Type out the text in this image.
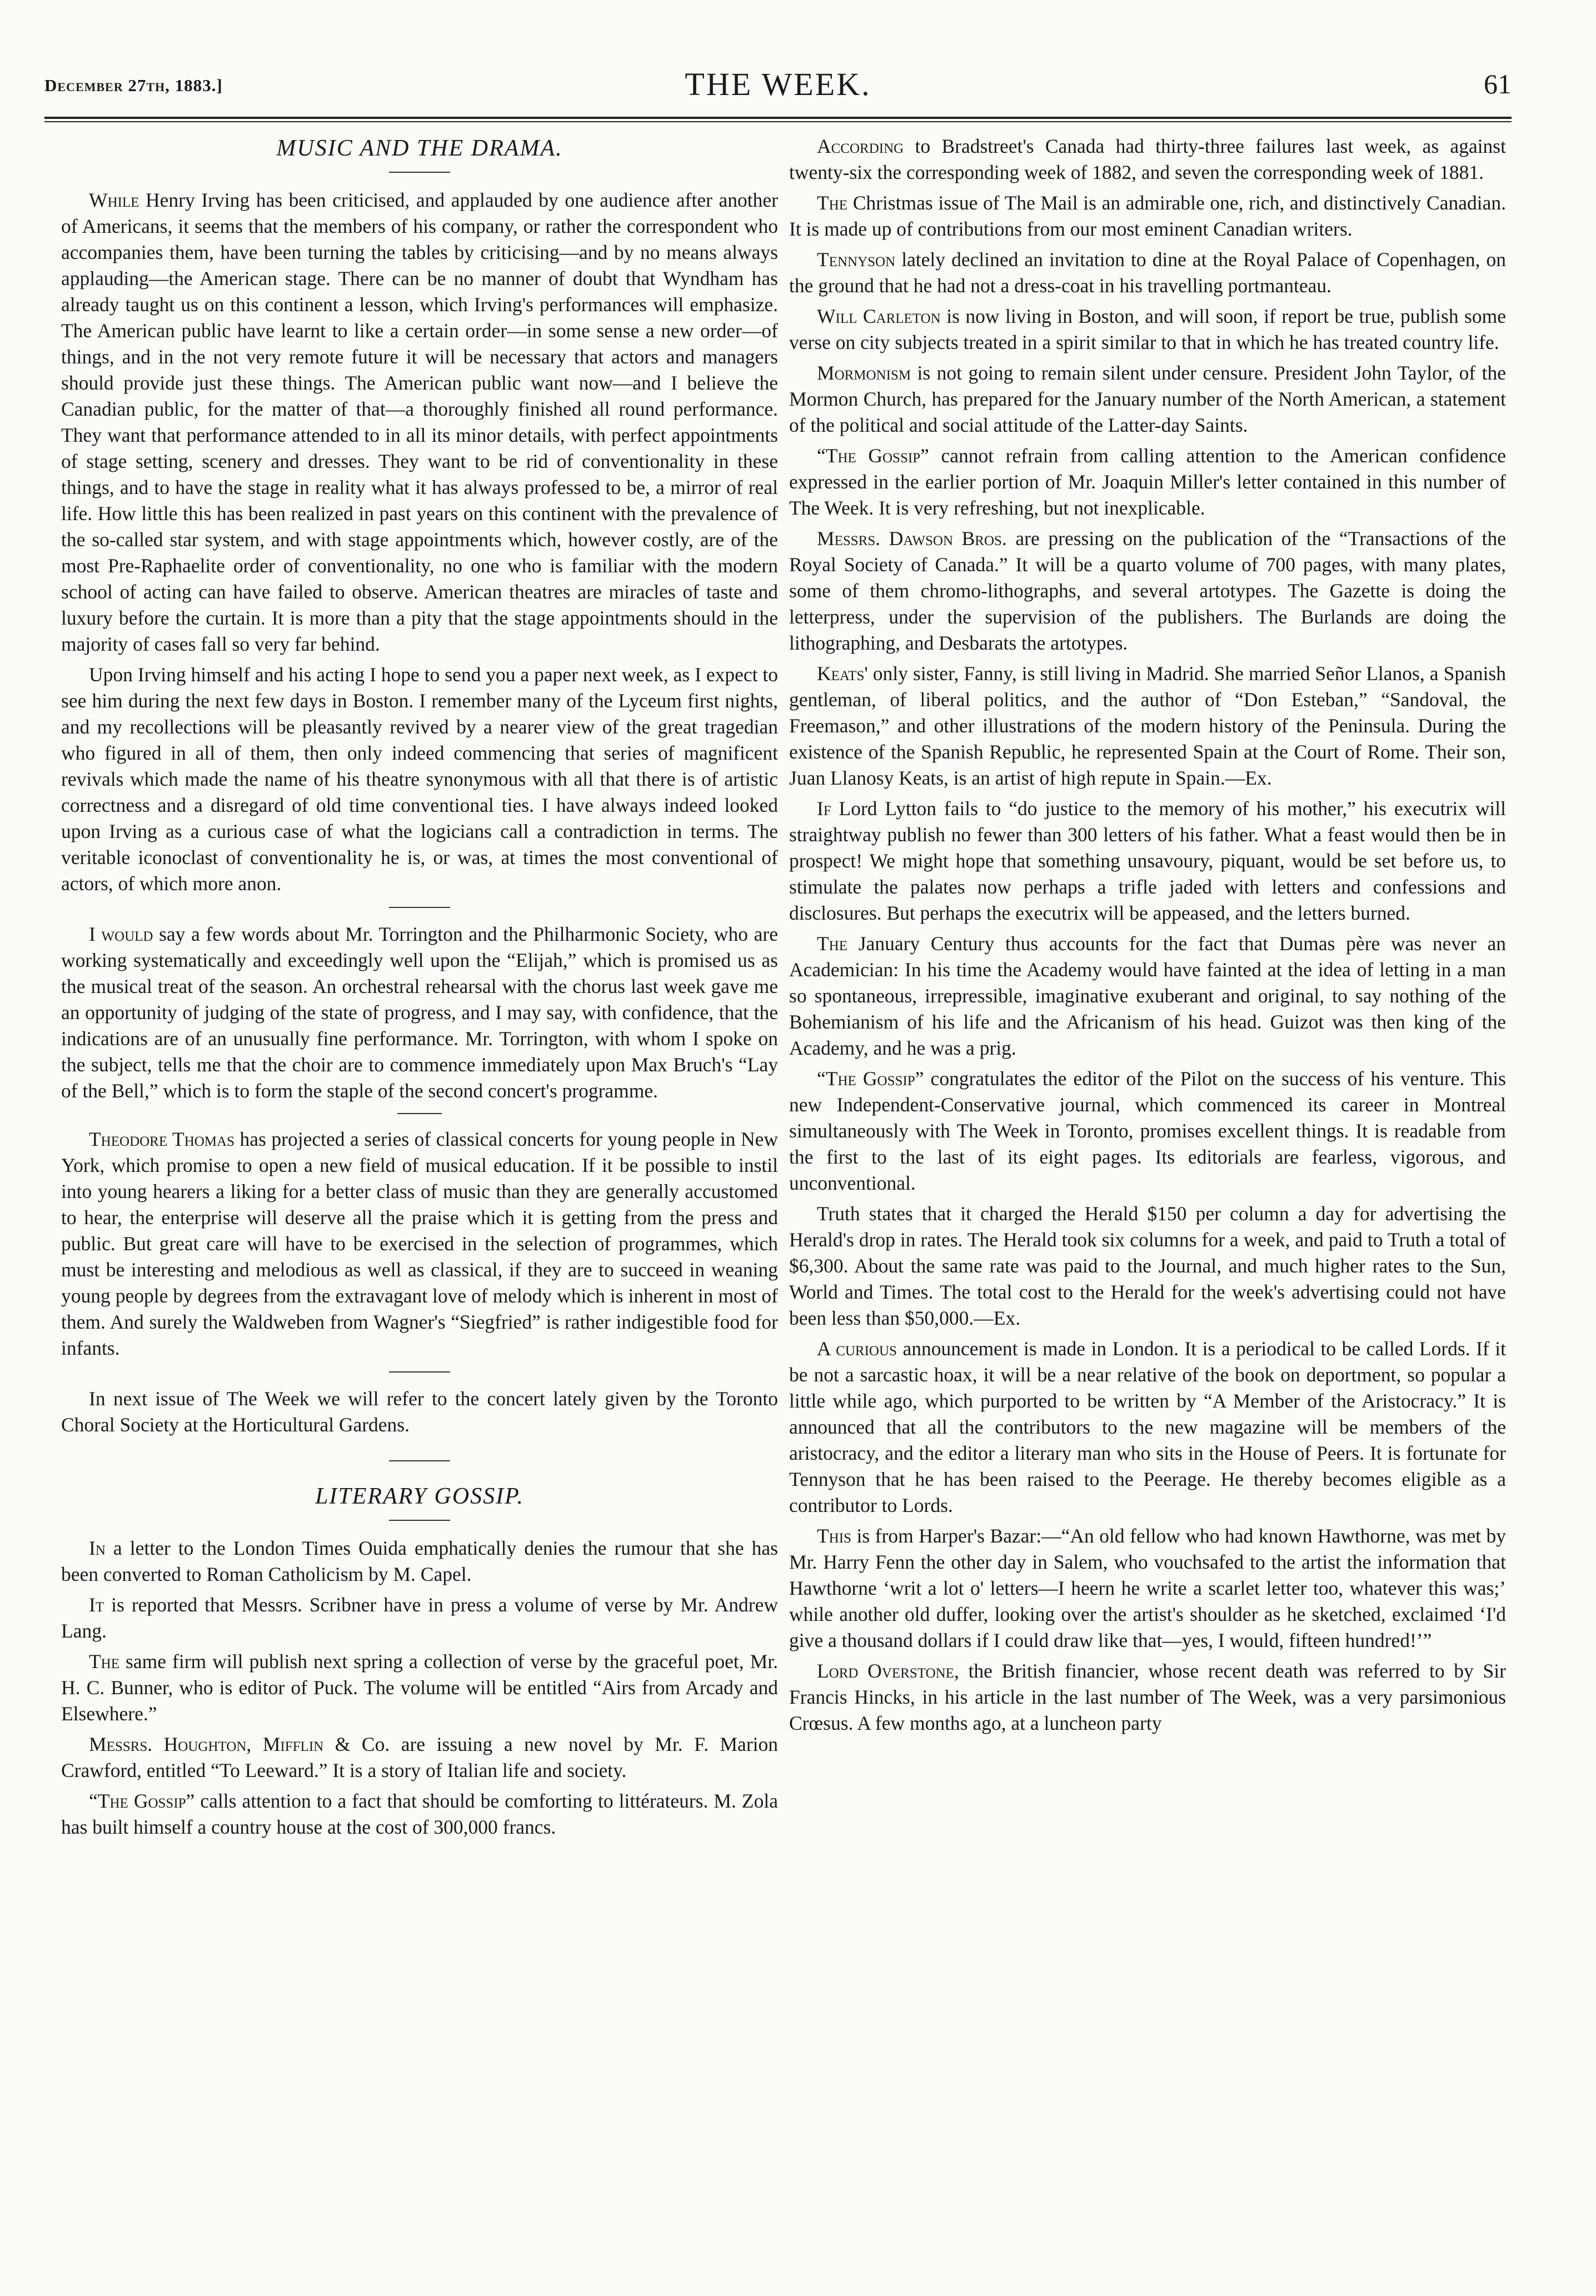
December 27th, 1883.]	THE WEEK.	61
MUSIC AND THE DRAMA.

While Henry Irving has been criticised, and applauded by one audience after another of Americans, it seems that the members of his company, or rather the correspondent who accompanies them, have been turning the tables by criticising—and by no means always applauding—the American stage. There can be no manner of doubt that Wyndham has already taught us on this continent a lesson, which Irving's performances will emphasize. The American public have learnt to like a certain order—in some sense a new order—of things, and in the not very remote future it will be necessary that actors and managers should provide just these things. The American public want now—and I believe the Canadian public, for the matter of that—a thoroughly finished all round performance. They want that performance attended to in all its minor details, with perfect appointments of stage setting, scenery and dresses. They want to be rid of conventionality in these things, and to have the stage in reality what it has always professed to be, a mirror of real life. How little this has been realized in past years on this continent with the prevalence of the so-called star system, and with stage appointments which, however costly, are of the most Pre-Raphaelite order of conventionality, no one who is familiar with the modern school of acting can have failed to observe. American theatres are miracles of taste and luxury before the curtain. It is more than a pity that the stage appointments should in the majority of cases fall so very far behind.

Upon Irving himself and his acting I hope to send you a paper next week, as I expect to see him during the next few days in Boston. I remember many of the Lyceum first nights, and my recollections will be pleasantly revived by a nearer view of the great tragedian who figured in all of them, then only indeed commencing that series of magnificent revivals which made the name of his theatre synonymous with all that there is of artistic correctness and a disregard of old time conventional ties. I have always indeed looked upon Irving as a curious case of what the logicians call a contradiction in terms. The veritable iconoclast of conventionality he is, or was, at times the most conventional of actors, of which more anon.

I would say a few words about Mr. Torrington and the Philharmonic Society, who are working systematically and exceedingly well upon the “Elijah,” which is promised us as the musical treat of the season. An orchestral rehearsal with the chorus last week gave me an opportunity of judging of the state of progress, and I may say, with confidence, that the indications are of an unusually fine performance. Mr. Torrington, with whom I spoke on the subject, tells me that the choir are to commence immediately upon Max Bruch's “Lay of the Bell,” which is to form the staple of the second concert's programme.

Theodore Thomas has projected a series of classical concerts for young people in New York, which promise to open a new field of musical education. If it be possible to instil into young hearers a liking for a better class of music than they are generally accustomed to hear, the enterprise will deserve all the praise which it is getting from the press and public. But great care will have to be exercised in the selection of programmes, which must be interesting and melodious as well as classical, if they are to succeed in weaning young people by degrees from the extravagant love of melody which is inherent in most of them. And surely the Waldweben from Wagner's “Siegfried” is rather indigestible food for infants.

In next issue of The Week we will refer to the concert lately given by the Toronto Choral Society at the Horticultural Gardens.

LITERARY GOSSIP.

In a letter to the London Times Ouida emphatically denies the rumour that she has been converted to Roman Catholicism by M. Capel.

It is reported that Messrs. Scribner have in press a volume of verse by Mr. Andrew Lang.

The same firm will publish next spring a collection of verse by the graceful poet, Mr. H. C. Bunner, who is editor of Puck. The volume will be entitled “Airs from Arcady and Elsewhere.”

Messrs. Houghton, Mifflin & Co. are issuing a new novel by Mr. F. Marion Crawford, entitled “To Leeward.” It is a story of Italian life and society.

“The Gossip” calls attention to a fact that should be comforting to littérateurs. M. Zola has built himself a country house at the cost of 300,000 francs.

According to Bradstreet's Canada had thirty-three failures last week, as against twenty-six the corresponding week of 1882, and seven the corresponding week of 1881.

The Christmas issue of The Mail is an admirable one, rich, and distinctively Canadian. It is made up of contributions from our most eminent Canadian writers.

Tennyson lately declined an invitation to dine at the Royal Palace of Copenhagen, on the ground that he had not a dress-coat in his travelling portmanteau.

Will Carleton is now living in Boston, and will soon, if report be true, publish some verse on city subjects treated in a spirit similar to that in which he has treated country life.

Mormonism is not going to remain silent under censure. President John Taylor, of the Mormon Church, has prepared for the January number of the North American, a statement of the political and social attitude of the Latter-day Saints.

“The Gossip” cannot refrain from calling attention to the American confidence expressed in the earlier portion of Mr. Joaquin Miller's letter contained in this number of The Week. It is very refreshing, but not inexplicable.

Messrs. Dawson Bros. are pressing on the publication of the “Transactions of the Royal Society of Canada.” It will be a quarto volume of 700 pages, with many plates, some of them chromo-lithographs, and several artotypes. The Gazette is doing the letterpress, under the supervision of the publishers. The Burlands are doing the lithographing, and Desbarats the artotypes.

Keats' only sister, Fanny, is still living in Madrid. She married Señor Llanos, a Spanish gentleman, of liberal politics, and the author of “Don Esteban,” “Sandoval, the Freemason,” and other illustrations of the modern history of the Peninsula. During the existence of the Spanish Republic, he represented Spain at the Court of Rome. Their son, Juan Llanosy Keats, is an artist of high repute in Spain.—Ex.

If Lord Lytton fails to “do justice to the memory of his mother,” his executrix will straightway publish no fewer than 300 letters of his father. What a feast would then be in prospect! We might hope that something unsavoury, piquant, would be set before us, to stimulate the palates now perhaps a trifle jaded with letters and confessions and disclosures. But perhaps the executrix will be appeased, and the letters burned.

The January Century thus accounts for the fact that Dumas père was never an Academician: In his time the Academy would have fainted at the idea of letting in a man so spontaneous, irrepressible, imaginative exuberant and original, to say nothing of the Bohemianism of his life and the Africanism of his head. Guizot was then king of the Academy, and he was a prig.

“The Gossip” congratulates the editor of the Pilot on the success of his venture. This new Independent-Conservative journal, which commenced its career in Montreal simultaneously with The Week in Toronto, promises excellent things. It is readable from the first to the last of its eight pages. Its editorials are fearless, vigorous, and unconventional.

Truth states that it charged the Herald $150 per column a day for advertising the Herald's drop in rates. The Herald took six columns for a week, and paid to Truth a total of $6,300. About the same rate was paid to the Journal, and much higher rates to the Sun, World and Times. The total cost to the Herald for the week's advertising could not have been less than $50,000.—Ex.

A curious announcement is made in London. It is a periodical to be called Lords. If it be not a sarcastic hoax, it will be a near relative of the book on deportment, so popular a little while ago, which purported to be written by “A Member of the Aristocracy.” It is announced that all the contributors to the new magazine will be members of the aristocracy, and the editor a literary man who sits in the House of Peers. It is fortunate for Tennyson that he has been raised to the Peerage. He thereby becomes eligible as a contributor to Lords.

This is from Harper's Bazar:—“An old fellow who had known Hawthorne, was met by Mr. Harry Fenn the other day in Salem, who vouchsafed to the artist the information that Hawthorne ‘writ a lot o' letters—I heern he write a scarlet letter too, whatever this was;’ while another old duffer, looking over the artist's shoulder as he sketched, exclaimed ‘I'd give a thousand dollars if I could draw like that—yes, I would, fifteen hundred!’”

Lord Overstone, the British financier, whose recent death was referred to by Sir Francis Hincks, in his article in the last number of The Week, was a very parsimonious Crœsus. A few months ago, at a luncheon party
